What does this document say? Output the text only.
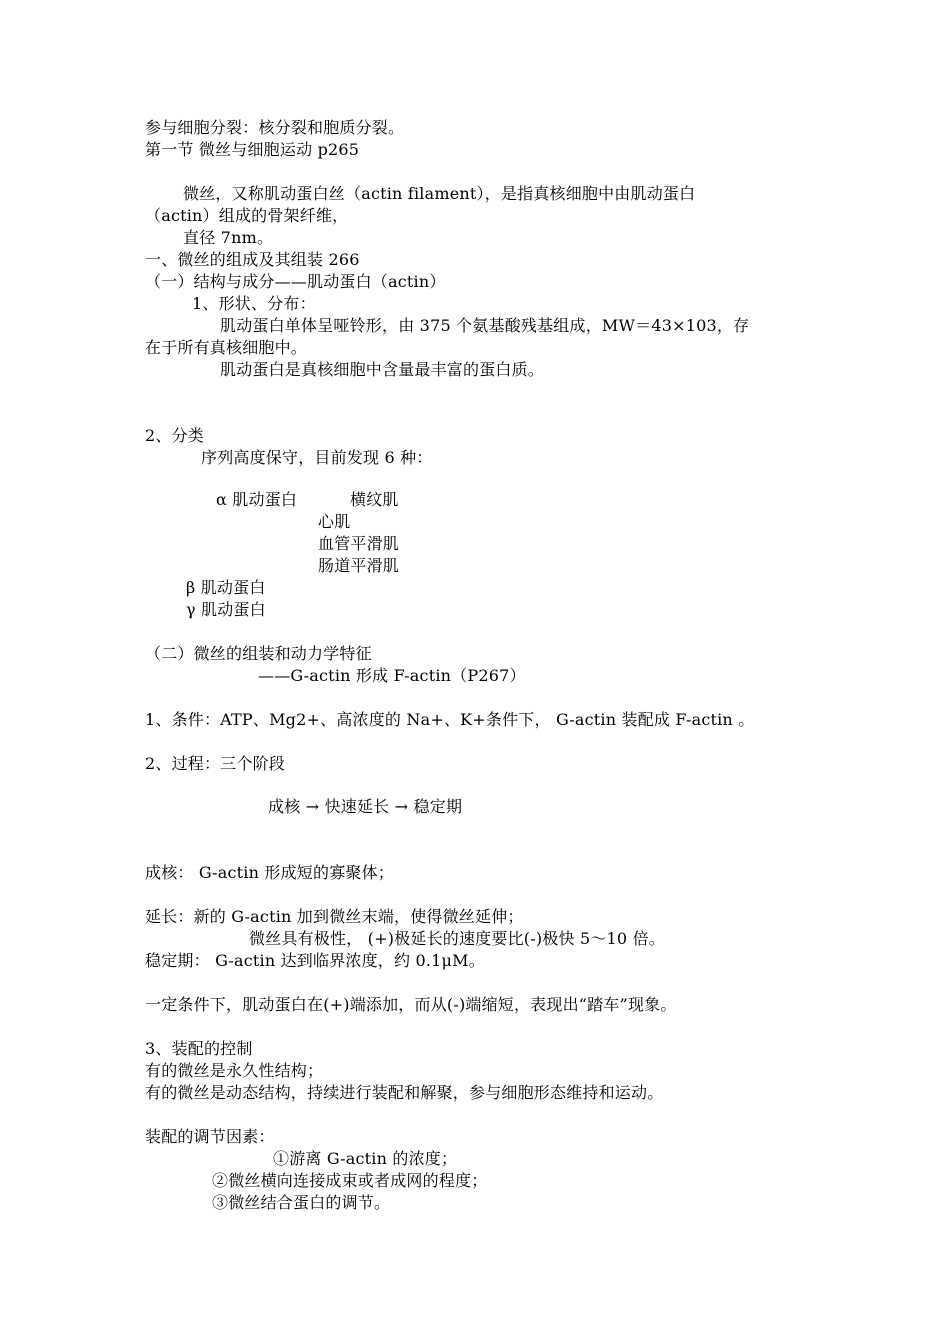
参与细胞分裂：核分裂和胞质分裂。

第一节 微丝与细胞运动 p265

微丝，又称肌动蛋白丝（actin filament），是指真核细胞中由肌动蛋白

（actin）组成的骨架纤维，

直径 7nm。

一、微丝的组成及其组装 266

（一）结构与成分——肌动蛋白（actin）

1、形状、分布：

肌动蛋白单体呈哑铃形，由 375 个氨基酸残基组成，MW＝43×103，存

在于所有真核细胞中。

肌动蛋白是真核细胞中含量最丰富的蛋白质。

2、分类

序列高度保守，目前发现 6 种：

α 肌动蛋白	横纹肌

心肌

血管平滑肌

肠道平滑肌

β 肌动蛋白

γ 肌动蛋白

（二）微丝的组装和动力学特征

——G-actin 形成 F-actin（P267）

1、条件：ATP、Mg2+、高浓度的 Na+、K+条件下， G-actin 装配成 F-actin 。

2、过程：三个阶段

成核 → 快速延长 → 稳定期

成核： G-actin 形成短的寡聚体；

延长：新的 G-actin 加到微丝末端，使得微丝延伸；

微丝具有极性， (+)极延长的速度要比(-)极快 5～10 倍。

稳定期： G-actin 达到临界浓度，约 0.1μM。

一定条件下，肌动蛋白在(+)端添加，而从(-)端缩短，表现出“踏车”现象。

3、装配的控制

有的微丝是永久性结构；

有的微丝是动态结构，持续进行装配和解聚，参与细胞形态维持和运动。

装配的调节因素：

①游离 G-actin 的浓度；

②微丝横向连接成束或者成网的程度；

③微丝结合蛋白的调节。
